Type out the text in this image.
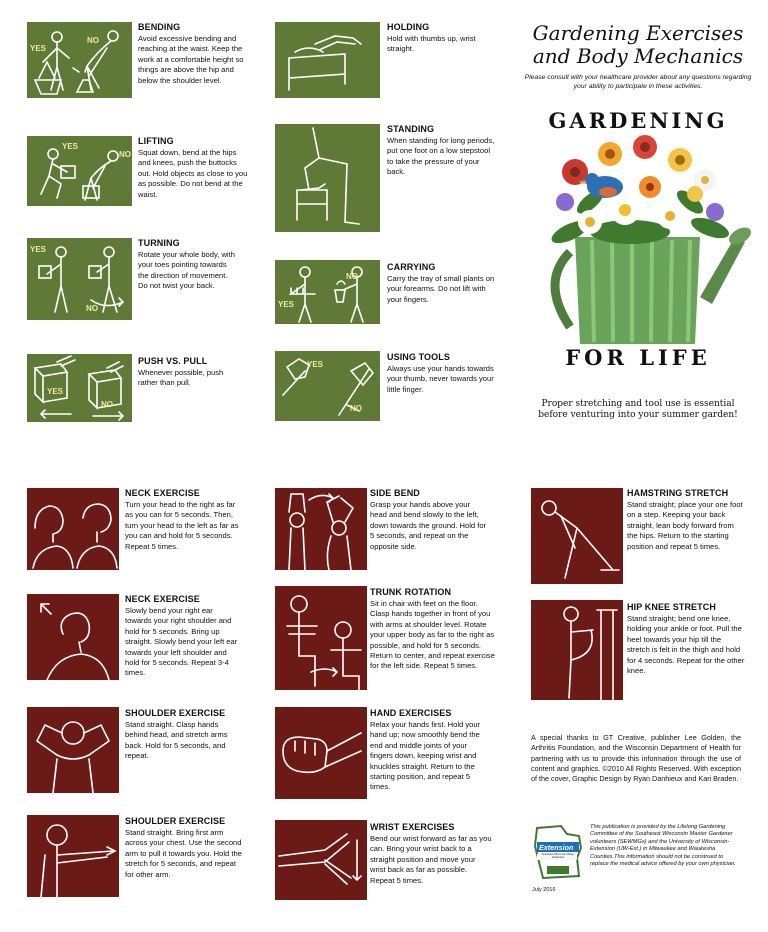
YES
NO
BENDING

Avoid excessive bending and reaching at the waist. Keep the work at a comfortable height so things are above the hip and below the shoulder level.

YES
NO
LIFTING

Squat down, bend at the hips and knees, push the buttocks out. Hold objects as close to you as possible. Do not bend at the waist.

YES
NO
TURNING

Rotate your whole body, with your toes pointing towards the direction of movement. Do not twist your back.

YES
NO
PUSH VS. PULL

Whenever possible, push rather than pull.

HOLDING

Hold with thumbs up, wrist straight.

STANDING

When standing for long periods, put one foot on a low stepstool to take the pressure of your back.

YES
NO
CARRYING

Carry the tray of small plants on your forearms. Do not lift with your fingers.

YES
NO
USING TOOLS

Always use your hands towards your thumb, never towards your little finger.

Gardening Exercises
and Body Mechanics
Please consult with your healthcare provider about any questions regarding your ability to participate in these activities.
GARDENING
FOR LIFE
Proper stretching and tool use is essential
before venturing into your summer garden!
NECK EXERCISE

Turn your head to the right as far as you can for 5 seconds. Then, turn your head to the left as far as you can and hold for 5 seconds. Repeat 5 times.

NECK EXERCISE

Slowly bend your right ear towards your right shoulder and hold for 5 seconds. Bring up straight. Slowly bend your left ear towards your left shoulder and hold for 5 seconds. Repeat 3-4 times.

SHOULDER EXERCISE

Stand straight. Clasp hands behind head, and stretch arms back. Hold for 5 seconds, and repeat.

SHOULDER EXERCISE

Stand straight. Bring first arm across your chest. Use the second arm to pull it towards you. Hold the stretch for 5 seconds, and repeat for other arm.

SIDE BEND

Grasp your hands above your head and bend slowly to the left, down towards the ground. Hold for 5 seconds, and repeat on the opposite side.

TRUNK ROTATION

Sit in chair with feet on the floor. Clasp hands together in front of you with arms at shoulder level. Rotate your upper body as far to the right as possible, and hold for 5 seconds. Return to center, and repeat exercise for the left side. Repeat 5 times.

HAND EXERCISES

Relax your hands first. Hold your hand up; now smoothly bend the end and middle joints of your fingers down, keeping wrist and knuckles straight. Return to the starting position, and repeat 5 times.

WRIST EXERCISES

Bend our wrist forward as far as you can. Bring your wrist back to a straight position and move your wrist back as far as possible. Repeat 5 times.

HAMSTRING STRETCH

Stand straight; place your one foot on a step. Keeping your back straight, lean body forward from the hips. Return to the starting position and repeat 5 times.

HIP KNEE STRETCH

Stand straight; bend one knee, holding your ankle or foot. Pull the heel towards your hip till the stretch is felt in the thigh and hold for 4 seconds. Repeat for the other knee.

A special thanks to GT Creative, publisher Lee Golden, the Arthritis Foundation, and the Wisconsin Department of Health for partnering with us to provide this information through the use of content and graphics. ©2010 All Rights Reserved. With exception of the cover, Graphic Design by Ryan Danhieux and Kari Braden.
Extension
Southeast Wisconsin Master Gardeners
This publication is provided by the Lifelong Gardening Committee of the Southeast Wisconsin Master Gardener volunteers (SEWMGs) and the University of Wisconsin-Extension (UW-Ext.) in Milwaukee and Waukesha Counties.This information should not be construed to replace the medical advice offered by your own physician.
July 2016
